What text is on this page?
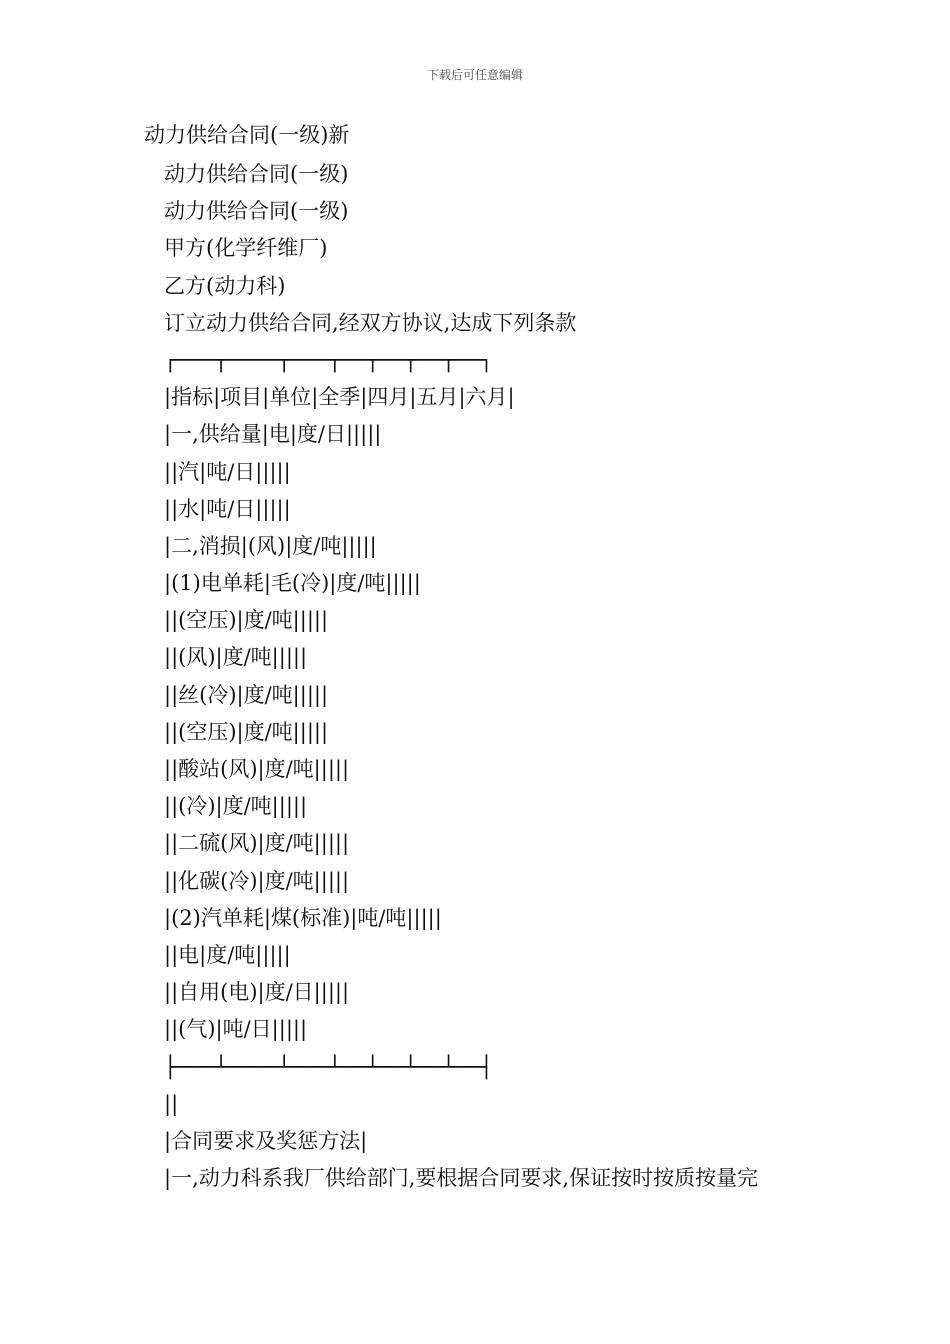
下载后可任意编辑
动力供给合同(一级)新
动力供给合同(一级)
动力供给合同(一级)
甲方(化学纤维厂)
乙方(动力科)
订立动力供给合同,经双方协议,达成下列条款
┌───┬────┬───┬──┬──┬──┬──┐
|指标|项目|单位|全季|四月|五月|六月|
|一,供给量|电|度/日|||||
||汽|吨/日|||||
||水|吨/日|||||
|二,消损|(风)|度/吨|||||
|(1)电单耗|毛(冷)|度/吨|||||
||(空压)|度/吨|||||
||(风)|度/吨|||||
||丝(冷)|度/吨|||||
||(空压)|度/吨|||||
||酸站(风)|度/吨|||||
||(冷)|度/吨|||||
||二硫(风)|度/吨|||||
||化碳(冷)|度/吨|||||
|(2)汽单耗|煤(标准)|吨/吨|||||
||电|度/吨|||||
||自用(电)|度/日|||||
||(气)|吨/日|||||
├───┴────┴───┴──┴──┴──┴──┤
||
|合同要求及奖惩方法|
|一,动力科系我厂供给部门,要根据合同要求,保证按时按质按量完
